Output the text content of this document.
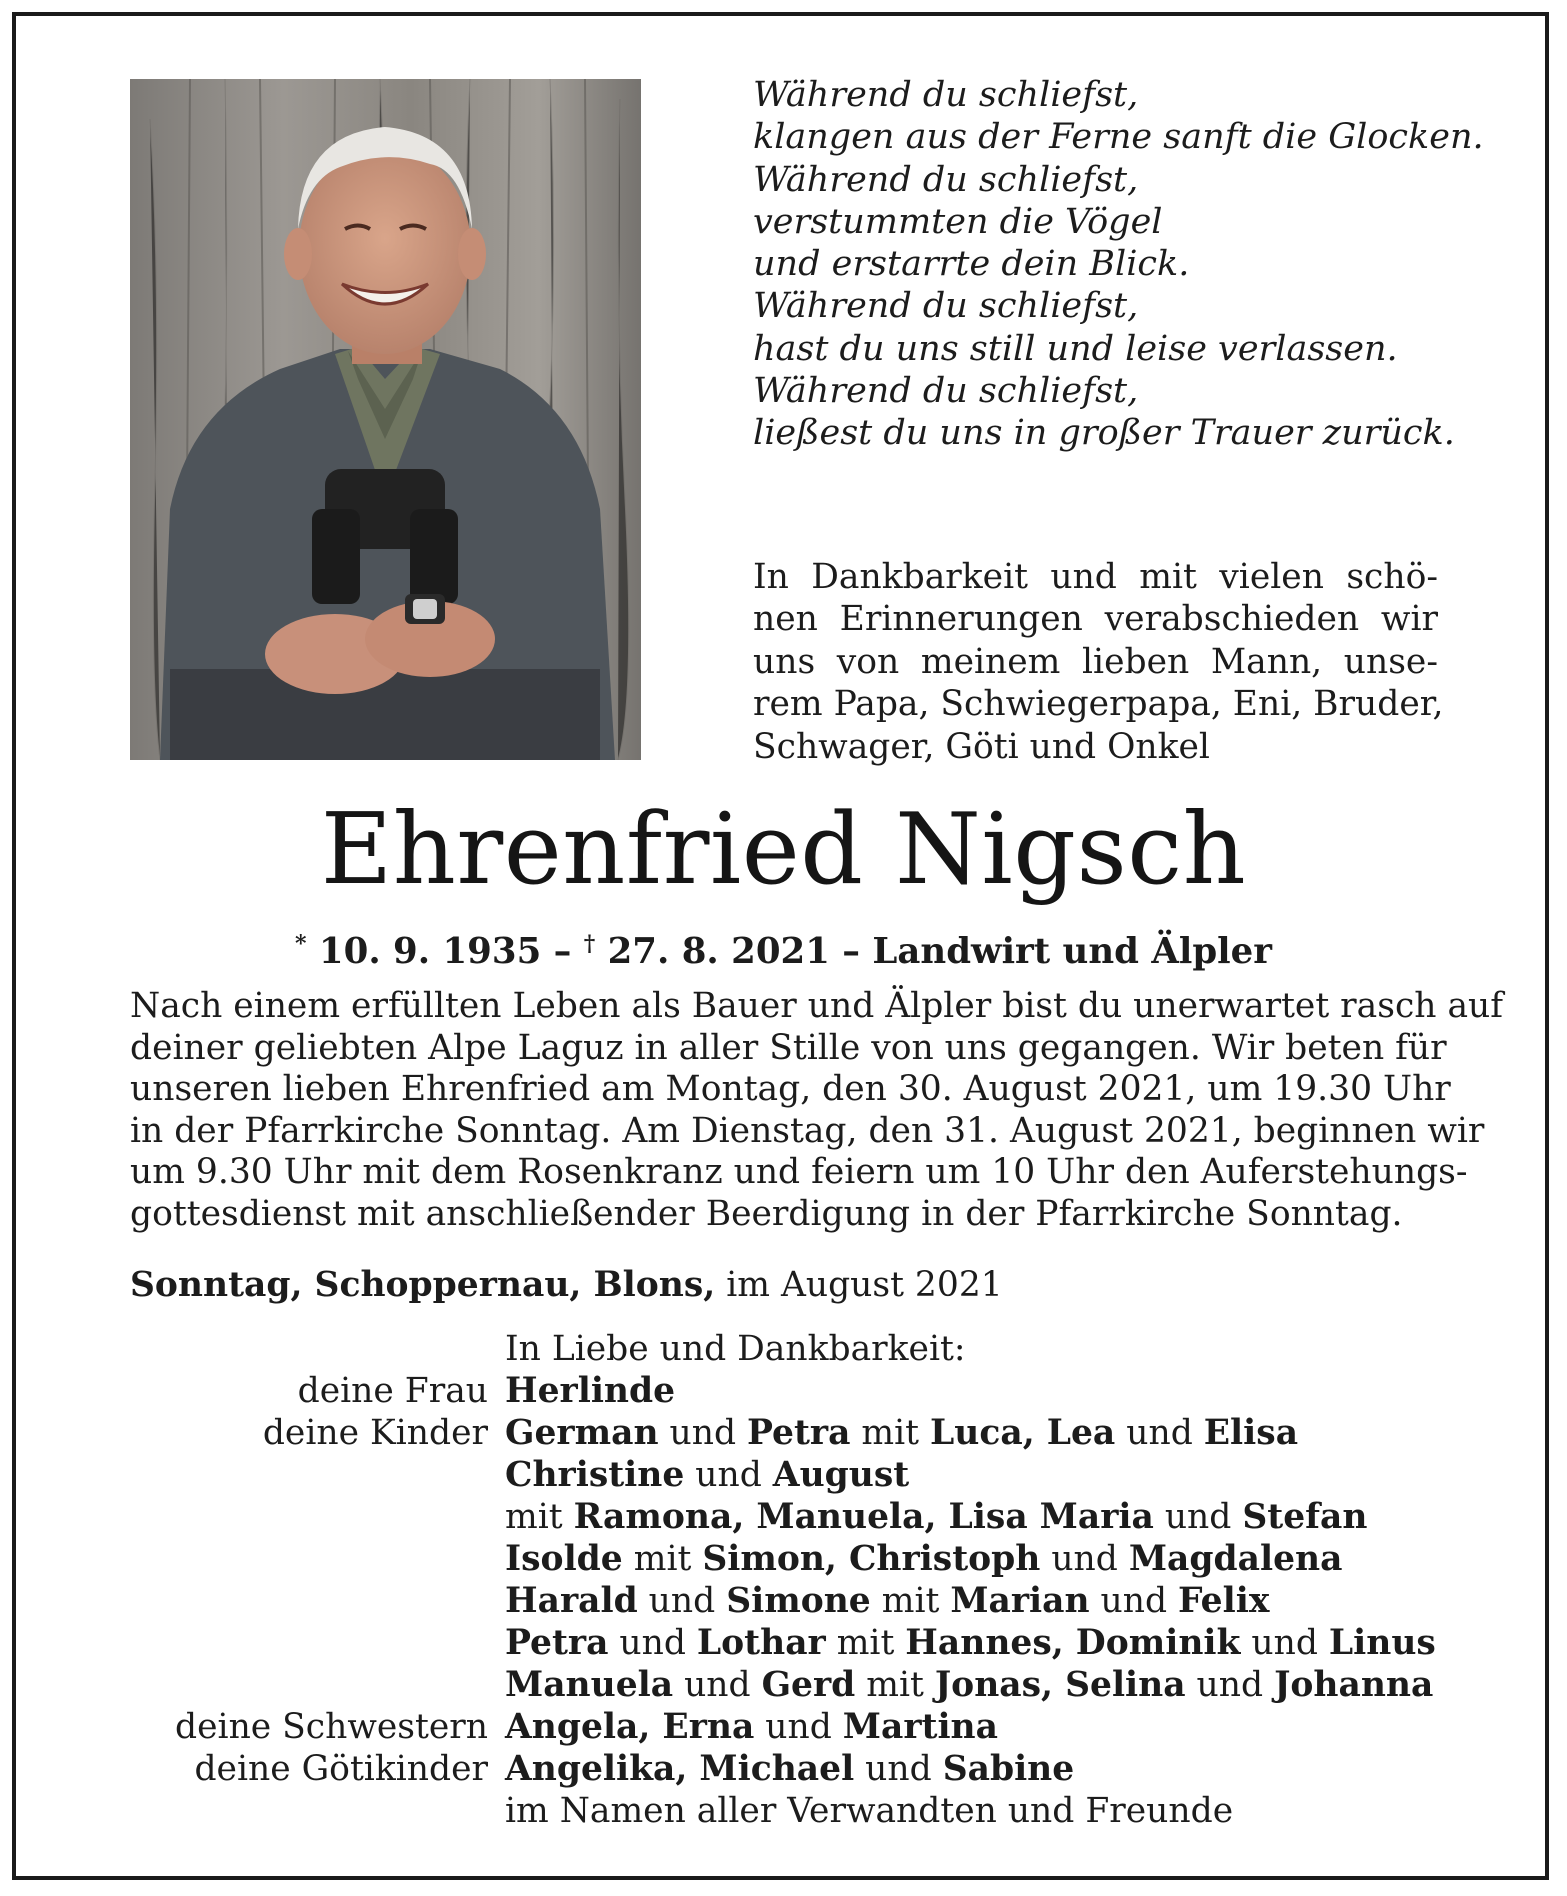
Während du schliefst,
klangen aus der Ferne sanft die Glocken.
Während du schliefst,
verstummten die Vögel
und erstarrte dein Blick.
Während du schliefst,
hast du uns still und leise verlassen.
Während du schliefst,
ließest du uns in großer Trauer zurück.
In Dankbarkeit und mit vielen schö-
nen Erinnerungen verabschieden wir
uns von meinem lieben Mann, unse-
rem Papa, Schwiegerpapa, Eni, Bruder,
Schwager, Göti und Onkel
Ehrenfried Nigsch
* 10. 9. 1935 – † 27. 8. 2021 – Landwirt und Älpler
Nach einem erfüllten Leben als Bauer und Älpler bist du unerwartet rasch auf
deiner geliebten Alpe Laguz in aller Stille von uns gegangen. Wir beten für
unseren lieben Ehrenfried am Montag, den 30. August 2021, um 19.30 Uhr
in der Pfarrkirche Sonntag. Am Dienstag, den 31. August 2021, beginnen wir
um 9.30 Uhr mit dem Rosenkranz und feiern um 10 Uhr den Auferstehungs-
gottesdienst mit anschließender Beerdigung in der Pfarrkirche Sonntag.
Sonntag, Schoppernau, Blons, im August 2021
In Liebe und Dankbarkeit:
deine Frau Herlinde
deine Kinder German und Petra mit Luca, Lea und Elisa
Christine und August
mit Ramona, Manuela, Lisa Maria und Stefan
Isolde mit Simon, Christoph und Magdalena
Harald und Simone mit Marian und Felix
Petra und Lothar mit Hannes, Dominik und Linus
Manuela und Gerd mit Jonas, Selina und Johanna
deine Schwestern Angela, Erna und Martina
deine Götikinder Angelika, Michael und Sabine
im Namen aller Verwandten und Freunde
